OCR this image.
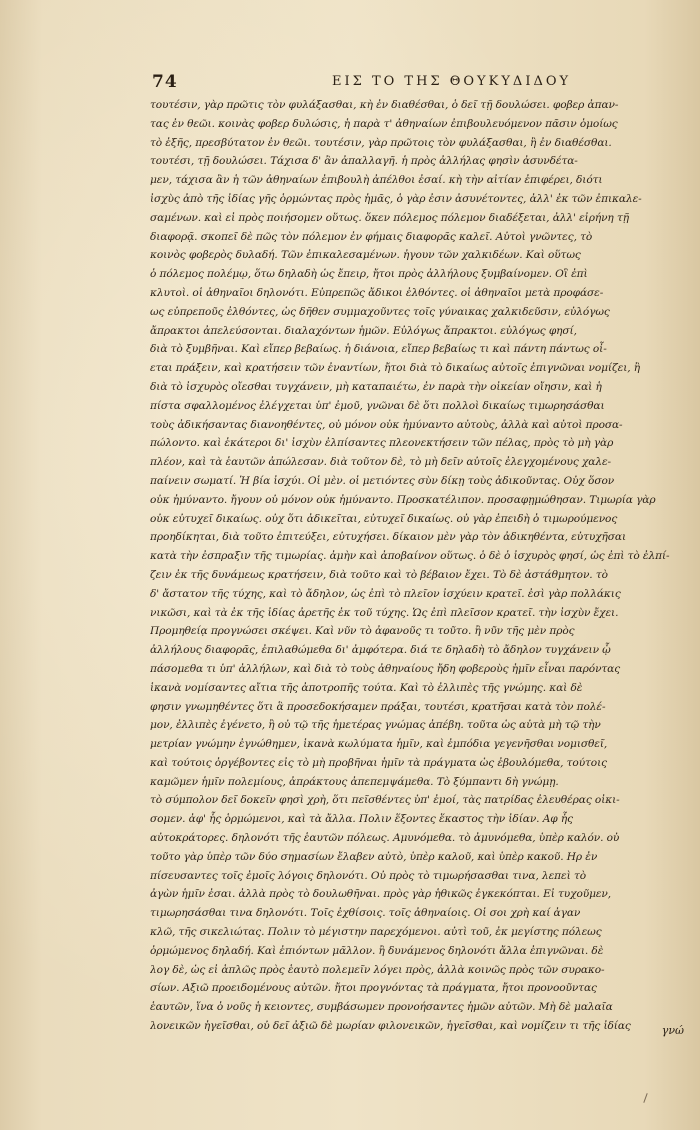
74	ΕΙΣ ΤΟ ΤΗΣ ΘΟΥΚΥΔΙΔΟΥ
τουτέσιν, γὰρ πρῶτις τὸν φυλάξασθαι, κὴ ἐν διαθέσθαι, ὁ δεῖ τῇ δουλώσει. φοβερ ἀπαν-
τας ἐν θεῶι. κοινὰς φοβερ δυλώσις, ἡ παρὰ τ' ἀθηναίων ἐπιβουλευόμενον πᾶσιν ὁμοίως
τὸ ἑξῆς, πρεσβύτατον ἐν θεῶι. τουτέσιν, γὰρ πρῶτοις τὸν φυλάξασθαι, ἢ ἐν διαθέσθαι.
τουτέσι, τῇ δουλώσει. Τάχισα δ' ἂν ἀπαλλαγῆ. ἡ πρὸς ἀλλήλας φησὶν ἀσυνδέτα-
μεν, τάχισα ἂν ἡ τῶν ἀθηναίων ἐπιβουλὴ ἀπέλθοι ἐσαί. κὴ τὴν αἰτίαν ἐπιφέρει, διότι
ἰσχὺς ἀπὸ τῆς ἰδίας γῆς ὁρμώντας πρὸς ἡμᾶς, ὁ γὰρ ἐσιν ἀσυνέτοντες, ἀλλ' ἐκ τῶν ἐπικαλε-
σαμένων. καὶ εἰ πρὸς ποιήσομεν οὕτως. ὅκεν πόλεμος πόλεμον διαδέξεται, ἀλλ' εἰρήνη τῇ
διαφορᾷ. σκοπεῖ δὲ πῶς τὸν πόλεμον ἐν φήμαις διαφορᾶς καλεῖ. Αὐτοὶ γνῶντες, τὸ
κοινὸς φοβερὸς δυλαδή. Τῶν ἐπικαλεσαμένων. ἠγουν τῶν χαλκιδέων. Καὶ οὕτως
ὁ πόλεμος πολέμῳ, ὅτω δηλαδὴ ὡς ἔπειρ, ἤτοι πρὸς ἀλλήλους ξυμβαίνομεν. Οἳ ἐπὶ
κλυτοὶ. οἱ ἀθηναῖοι δηλονότι. Εὐπρεπῶς ἄδικοι ἐλθόντες. οἱ ἀθηναῖοι μετὰ προφάσε-
ως εὐπρεποῦς ἐλθόντες, ὡς δῆθεν συμμαχοῦντες τοῖς γύναικας χαλκιδεῦσιν, εὐλόγως
ἄπρακτοι ἀπελεύσονται. διαλαχόντων ἡμῶν. Εὐλόγως ἄπρακτοι. εὐλόγως φησί,
διὰ τὸ ξυμβῆναι. Καὶ εἴπερ βεβαίως. ἡ διάνοια, εἴπερ βεβαίως τι καὶ πάντη πάντως οἶ-
εται πράξειν, καὶ κρατήσειν τῶν ἐναντίων, ἤτοι διὰ τὸ δικαίως αὐτοῖς ἐπιγνῶναι νομίζει, ἢ
διὰ τὸ ἰσχυρὸς οἴεσθαι τυγχάνειν, μὴ καταπαιέτω, ἐν παρὰ τὴν οἰκείαν οἴησιν, καὶ ἡ
πίστα σφαλλομένος ἐλέγχεται ὑπ' ἐμοῦ, γνῶναι δὲ ὅτι πολλοὶ δικαίως τιμωρησάσθαι
τοὺς ἀδικήσαντας διανοηθέντες, οὐ μόνον οὐκ ἠμύναντο αὐτοὺς, ἀλλὰ καὶ αὐτοὶ προσα-
πώλοντο. καὶ ἑκάτεροι δι' ἰσχὺν ἐλπίσαντες πλεονεκτήσειν τῶν πέλας, πρὸς τὸ μὴ γὰρ
πλέον, καὶ τὰ ἑαυτῶν ἀπώλεσαν. διὰ τοῦτον δὲ, τὸ μὴ δεῖν αὐτοῖς ἐλεγχομένους χαλε-
παίνειν σωματί. Ἡ βία ἰσχύι. Οἱ μὲν. οἱ μετιόντες σὺν δίκῃ τοὺς ἀδικοῦντας. Οὐχ ὅσον
οὐκ ἠμύναντο. ἤγουν οὐ μόνον οὐκ ἠμύναντο. Προσκατέλιπον. προσαφῃμώθησαν. Τιμωρία γὰρ
οὐκ εὐτυχεῖ δικαίως. οὐχ ὅτι ἀδικεῖται, εὐτυχεῖ δικαίως. οὐ γὰρ ἐπειδὴ ὁ τιμωρούμενος
προηδίκηται, διὰ τοῦτο ἐπιτεύξει, εὐτυχήσει. δίκαιον μὲν γὰρ τὸν ἀδικηθέντα, εὐτυχῆσαι
κατὰ τὴν ἐσπραξιν τῆς τιμωρίας. ἀμὴν καὶ ἀποβαίνον οὕτως. ὁ δὲ ὁ ἰσχυρὸς φησί, ὡς ἐπὶ τὸ ἐλπί-
ζειν ἐκ τῆς δυνάμεως κρατήσειν, διὰ τοῦτο καὶ τὸ βέβαιον ἔχει. Τὸ δὲ ἀστάθμητον. τὸ
δ' ἄστατον τῆς τύχης, καὶ τὸ ἄδηλον, ὡς ἐπὶ τὸ πλεῖον ἰσχύειν κρατεῖ. ἐσὶ γὰρ πολλάκις
νικῶσι, καὶ τὰ ἐκ τῆς ἰδίας ἀρετῆς ἐκ τοῦ τύχης. Ὡς ἐπὶ πλεῖσον κρατεῖ. τὴν ἰσχὺν ἔχει.
Προμηθείᾳ προγνώσει σκέψει. Καὶ νῦν τὸ ἀφανοῦς τι τοῦτο. ἢ νῦν τῆς μὲν πρὸς
ἀλλήλους διαφορᾶς, ἐπιλαθώμεθα δι' ἀμφότερα. διά τε δηλαδὴ τὸ ἄδηλον τυγχάνειν ᾧ
πάσομεθα τι ὑπ' ἀλλήλων, καὶ διὰ τὸ τοὺς ἀθηναίους ἤδη φοβεροὺς ἡμῖν εἶναι παρόντας
ἱκανὰ νομίσαντες αἴτια τῆς ἀποτροπῆς τούτα. Καὶ τὸ ἐλλιπὲς τῆς γνώμης. καὶ δὲ
φησιν γνωμηθέντες ὅτι ἃ προσεδοκήσαμεν πράξαι, τουτέσι, κρατῆσαι κατὰ τὸν πολέ-
μον, ἐλλιπὲς ἐγένετο, ἢ οὐ τῷ τῆς ἡμετέρας γνώμας ἀπέβη. τοῦτα ὡς αὐτὰ μὴ τῷ τὴν
μετρίαν γνώμην ἐγνώθημεν, ἱκανὰ κωλύματα ἡμῖν, καὶ ἐμπόδια γεγενῆσθαι νομισθεῖ,
καὶ τούτοις ὀργέβοντες εἰς τὸ μὴ προβῆναι ἡμῖν τὰ πράγματα ὡς ἐβουλόμεθα, τούτοις
καμῶμεν ἡμῖν πολεμίους, ἀπράκτους ἀπεπεμψάμεθα. Τὸ ξύμπαντι δὴ γνώμῃ.
τὸ σύμπολον δεῖ δοκεῖν φησὶ χρὴ, ὅτι πεῖσθέντες ὑπ' ἐμοί, τὰς πατρίδας ἐλευθέρας οἰκι-
σομεν. ἀφ' ἧς ὁρμώμενοι, καὶ τὰ ἄλλα. Πολιν ἕξοντες ἕκαστος τὴν ἰδίαν. Αφ ἧς
αὐτοκράτορες. δηλονότι τῆς ἑαυτῶν πόλεως. Αμυνόμεθα. τὸ ἀμυνόμεθα, ὑπὲρ καλόν. οὐ
τοῦτο γὰρ ὑπὲρ τῶν δύο σημασίων ἔλαβεν αὐτὸ, ὑπὲρ καλοῦ, καὶ ὑπὲρ κακοῦ. Ηρ ἐν
πίσευσαντες τοῖς ἐμοῖς λόγοις δηλονότι. Οὐ πρὸς τὸ τιμωρήσασθαι τινα, λεπεὶ τὸ
ἀγὼν ἡμῖν ἐσαι. ἀλλὰ πρὸς τὸ δουλωθῆναι. πρὸς γὰρ ἡθικῶς ἐγκεκόπται. Εἰ τυχοῦμεν,
τιμωρησάσθαι τινα δηλονότι. Τοῖς ἐχθίσοις. τοῖς ἀθηναίοις. Οἱ σοι χρὴ καί ἀγαν
κλῶ, τῆς σικελιώτας. Πολιν τὸ μέγιστην παρεχόμενοι. αὐτὶ τοῦ, ἐκ μεγίστης πόλεως
ὁρμώμενος δηλαδή. Καὶ ἐπιόντων μᾶλλον. ἢ δυνάμενος δηλονότι ἄλλα ἐπιγνῶναι. δὲ
λογ δὲ, ὡς εἰ ἁπλῶς πρὸς ἑαυτὸ πολεμεῖν λόγει πρὸς, ἀλλὰ κοινῶς πρὸς τῶν συρακο-
σίων. Αξιῶ προειδομένους αὐτῶν. ἤτοι προγνόντας τὰ πράγματα, ἤτοι προνοοῦντας
ἑαυτῶν, ἵνα ὁ νοῦς ἡ κειοντες, συμβάσωμεν προνοήσαντες ἡμῶν αὐτῶν. Μὴ δὲ μαλαῖα
λονεικῶν ἡγεῖσθαι, οὐ δεῖ ἀξιῶ δὲ μωρίαν φιλονεικῶν, ἡγεῖσθαι, καὶ νομίζειν τι τῆς ἰδίας	γνώ
